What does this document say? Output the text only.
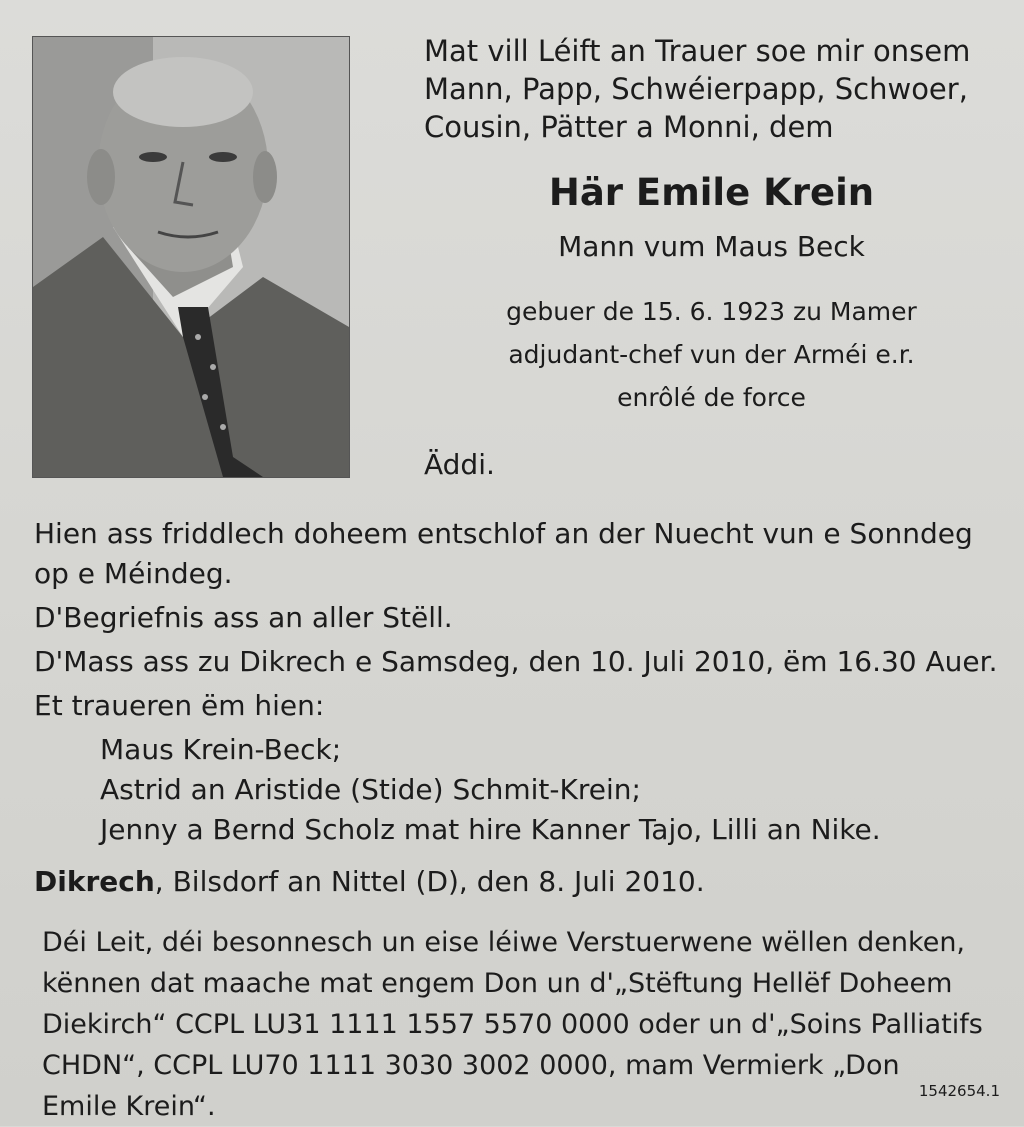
Mat vill Léift an Trauer soe mir onsem
Mann, Papp, Schwéierpapp, Schwoer,
Cousin, Pätter a Monni, dem
Här Emile Krein
Mann vum Maus Beck
gebuer de 15. 6. 1923 zu Mamer
adjudant-chef vun der Arméi e.r.
enrôlé de force
Äddi.

Hien ass friddlech doheem entschlof an der Nuecht vun e Sonndeg
op e Méindeg.

D'Begriefnis ass an aller Stëll.

D'Mass ass zu Dikrech e Samsdeg, den 10. Juli 2010, ëm 16.30 Auer.

Et traueren ëm hien:

Maus Krein-Beck;
Astrid an Aristide (Stide) Schmit-Krein;
Jenny a Bernd Scholz mat hire Kanner Tajo, Lilli an Nike.

Dikrech, Bilsdorf an Nittel (D), den 8. Juli 2010.

Déi Leit, déi besonnesch un eise léiwe Verstuerwene wëllen denken,
kënnen dat maache mat engem Don un d'„Stëftung Hellëf Doheem
Diekirch“ CCPL LU31 1111 1557 5570 0000 oder un d'„Soins Palliatifs
CHDN“, CCPL LU70 1111 3030 3002 0000, mam Vermierk „Don
Emile Krein“.	1542654.1
